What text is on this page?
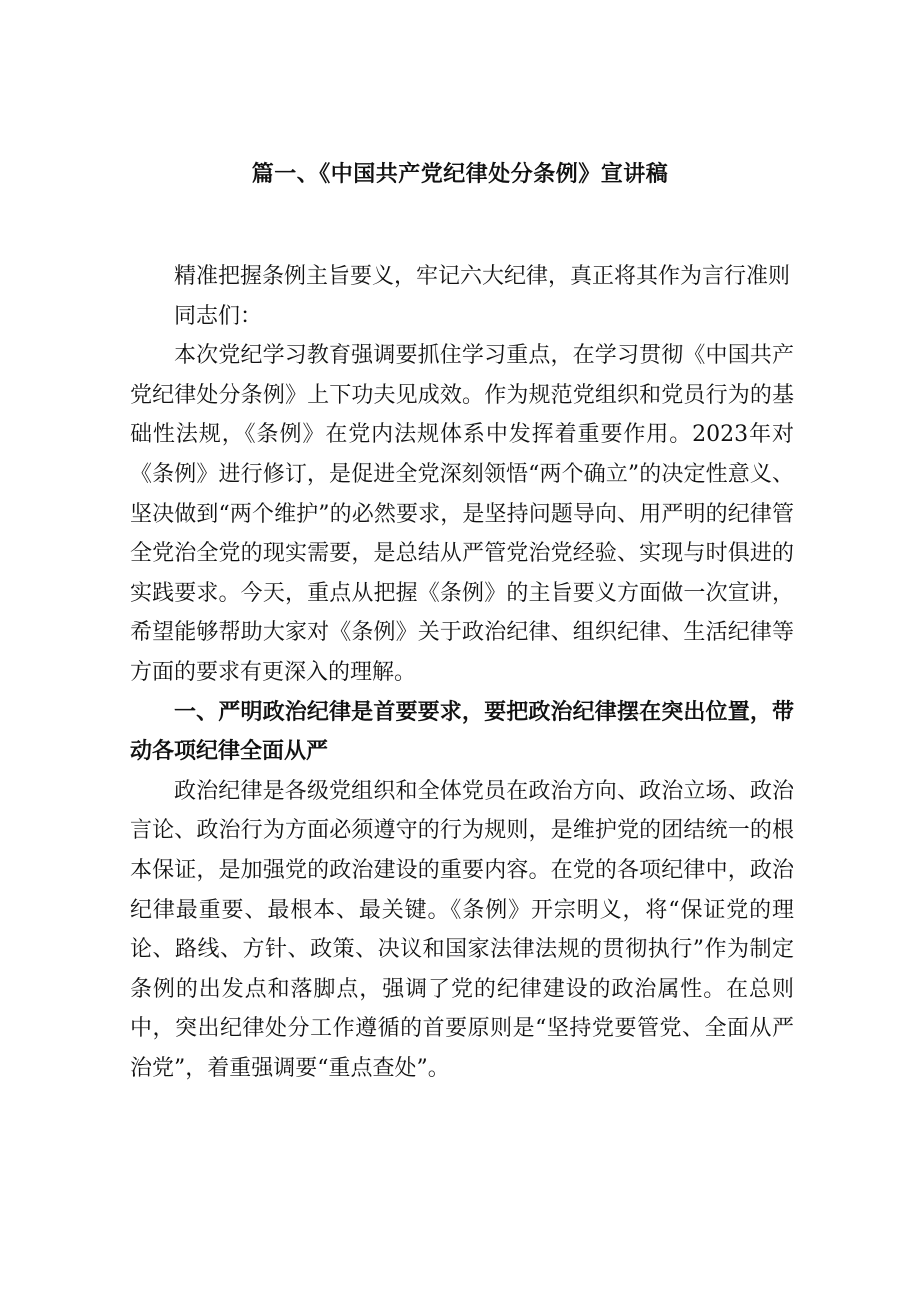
篇一、《中国共产党纪律处分条例》宣讲稿

精准把握条例主旨要义，牢记六大纪律，真正将其作为言行准则

同志们：

本次党纪学习教育强调要抓住学习重点，在学习贯彻《中国共产党纪律处分条例》上下功夫见成效。作为规范党组织和党员行为的基础性法规，《条例》在党内法规体系中发挥着重要作用。2023年对《条例》进行修订，是促进全党深刻领悟“两个确立”的决定性意义、坚决做到“两个维护”的必然要求，是坚持问题导向、用严明的纪律管全党治全党的现实需要，是总结从严管党治党经验、实现与时俱进的实践要求。今天，重点从把握《条例》的主旨要义方面做一次宣讲，希望能够帮助大家对《条例》关于政治纪律、组织纪律、生活纪律等方面的要求有更深入的理解。

一、严明政治纪律是首要要求，要把政治纪律摆在突出位置，带动各项纪律全面从严

政治纪律是各级党组织和全体党员在政治方向、政治立场、政治言论、政治行为方面必须遵守的行为规则，是维护党的团结统一的根本保证，是加强党的政治建设的重要内容。在党的各项纪律中，政治纪律最重要、最根本、最关键。《条例》开宗明义，将“保证党的理论、路线、方针、政策、决议和国家法律法规的贯彻执行”作为制定条例的出发点和落脚点，强调了党的纪律建设的政治属性。在总则中，突出纪律处分工作遵循的首要原则是“坚持党要管党、全面从严治党”，着重强调要“重点查处”。
